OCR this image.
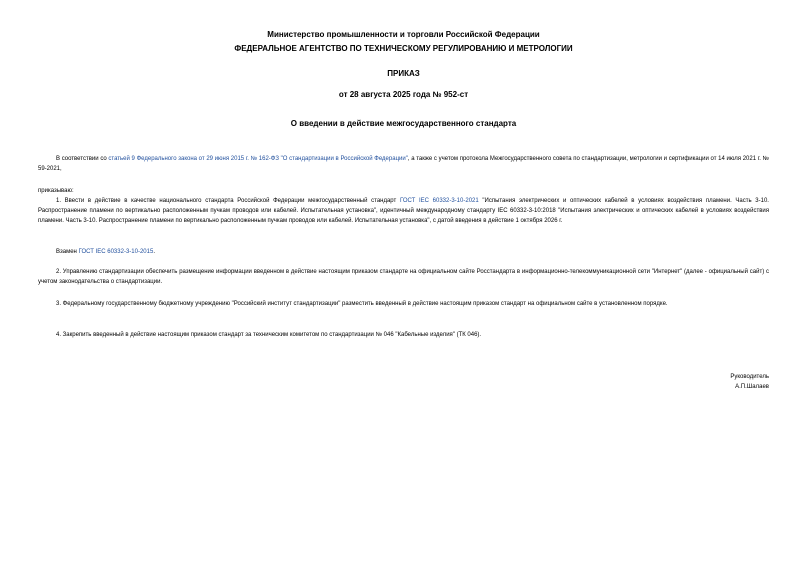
Министерство промышленности и торговли Российской Федерации
ФЕДЕРАЛЬНОЕ АГЕНТСТВО ПО ТЕХНИЧЕСКОМУ РЕГУЛИРОВАНИЮ И МЕТРОЛОГИИ
ПРИКАЗ
от 28 августа 2025 года № 952-ст
О введении в действие межгосударственного стандарта

В соответствии со статьей 9 Федерального закона от 29 июня 2015 г. № 162-ФЗ "О стандартизации в Российской Федерации", а также с учетом протокола Межгосударственного совета по стандартизации, метрологии и сертификации от 14 июля 2021 г. № 59-2021,

приказываю:

1. Ввести в действие в качестве национального стандарта Российской Федерации межгосударственный стандарт ГОСТ IEC 60332-3-10-2021 "Испытания электрических и оптических кабелей в условиях воздействия пламени. Часть 3-10. Распространение пламени по вертикально расположенным пучкам проводов или кабелей. Испытательная установка", идентичный международному стандарту IEC 60332-3-10:2018 "Испытания электрических и оптических кабелей в условиях воздействия пламени. Часть 3-10. Распространение пламени по вертикально расположенным пучкам проводов или кабелей. Испытательная установка", с датой введения в действие 1 октября 2026 г.

Взамен ГОСТ IEC 60332-3-10-2015.

2. Управлению стандартизации обеспечить размещение информации введенном в действие настоящим приказом стандарте на официальном сайте Росстандарта в информационно-телекоммуникационной сети "Интернет" (далее - официальный сайт) с учетом законодательства о стандартизации.

3. Федеральному государственному бюджетному учреждению "Российский институт стандартизации" разместить введенный в действие настоящим приказом стандарт на официальном сайте в установленном порядке.

4. Закрепить введенный в действие настоящим приказом стандарт за техническим комитетом по стандартизации № 046 "Кабельные изделия" (ТК 046).

Руководитель
А.П.Шалаев
